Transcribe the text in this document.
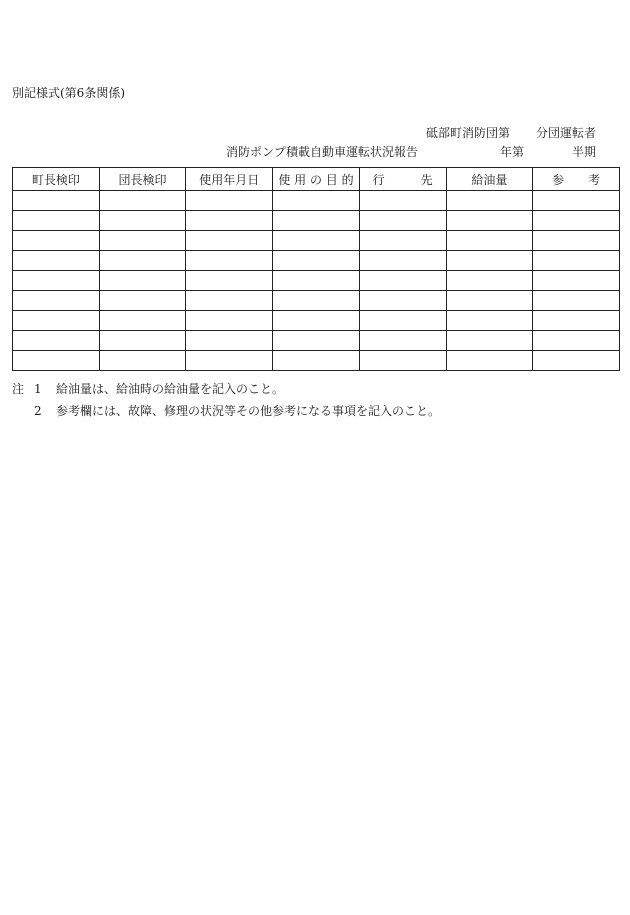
別記様式(第6条関係)
砥部町消防団第 分団運転者
消防ポンプ積載自動車運転状況報告	年第	半期
町長検印	団長検印	使用年月日	使 用 の 目 的	行　　　先	給油量	参　　考

注 1	給油量は、給油時の給油量を記入のこと。
2	参考欄には、故障、修理の状況等その他参考になる事項を記入のこと。
